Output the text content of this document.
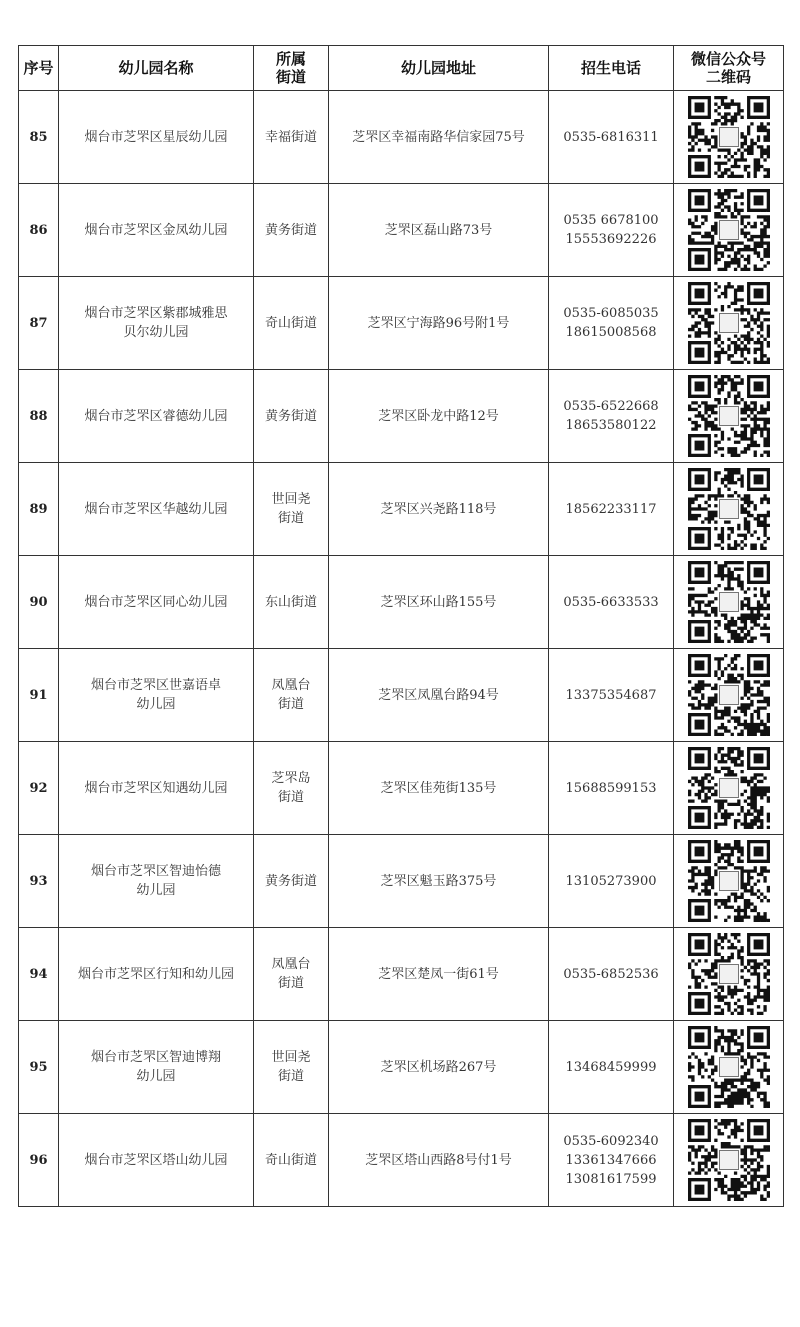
序号	幼儿园名称	所属
街道	幼儿园地址	招生电话	微信公众号
二维码

85	烟台市芝罘区星辰幼儿园	幸福街道	芝罘区幸福南路华信家园75号	0535-6816311

86	烟台市芝罘区金凤幼儿园	黄务街道	芝罘区磊山路73号	0535 6678100
15553692226

87	烟台市芝罘区紫郡城雅思
贝尔幼儿园	奇山街道	芝罘区宁海路96号附1号	0535-6085035
18615008568

88	烟台市芝罘区睿德幼儿园	黄务街道	芝罘区卧龙中路12号	0535-6522668
18653580122

89	烟台市芝罘区华越幼儿园	世回尧
街道	芝罘区兴尧路118号	18562233117

90	烟台市芝罘区同心幼儿园	东山街道	芝罘区环山路155号	0535-6633533

91	烟台市芝罘区世嘉语卓
幼儿园	凤凰台
街道	芝罘区凤凰台路94号	13375354687

92	烟台市芝罘区知遇幼儿园	芝罘岛
街道	芝罘区佳苑街135号	15688599153

93	烟台市芝罘区智迪怡德
幼儿园	黄务街道	芝罘区魁玉路375号	13105273900

94	烟台市芝罘区行知和幼儿园	凤凰台
街道	芝罘区楚凤一街61号	0535-6852536

95	烟台市芝罘区智迪博翔
幼儿园	世回尧
街道	芝罘区机场路267号	13468459999

96	烟台市芝罘区塔山幼儿园	奇山街道	芝罘区塔山西路8号付1号	0535-6092340
13361347666
13081617599
